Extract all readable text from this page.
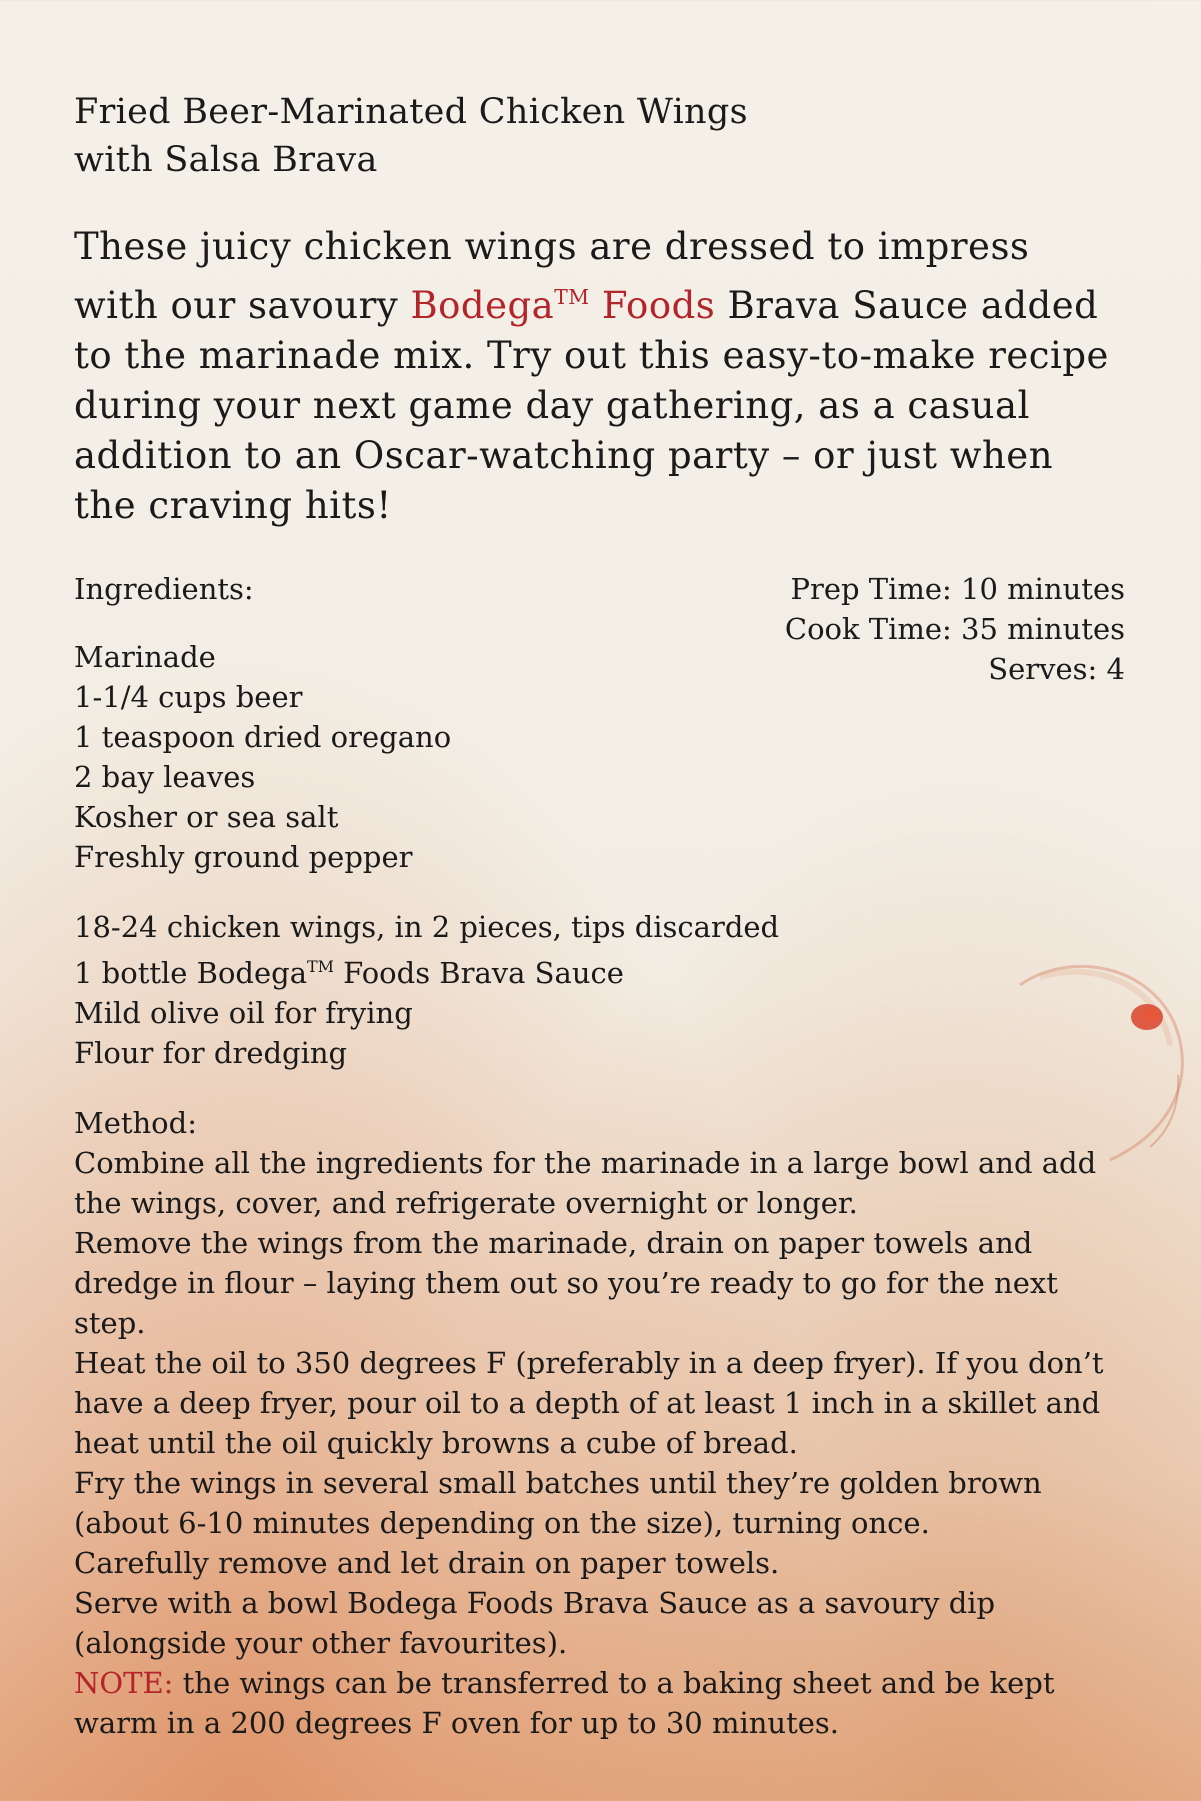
Fried Beer-Marinated Chicken Wings
with Salsa Brava

These juicy chicken wings are dressed to impress with our savoury Bodega™ Foods Brava Sauce added to the marinade mix. Try out this easy-to-make recipe during your next game day gathering, as a casual addition to an Oscar-watching party – or just when the craving hits!

Ingredients:	Prep Time: 10 minutes
Cook Time: 35 minutes
Serves: 4
Marinade
1-1/4 cups beer
1 teaspoon dried oregano
2 bay leaves
Kosher or sea salt
Freshly ground pepper
18-24 chicken wings, in 2 pieces, tips discarded
1 bottle Bodega™ Foods Brava Sauce
Mild olive oil for frying
Flour for dredging

Method:

Combine all the ingredients for the marinade in a large bowl and add the wings, cover, and refrigerate overnight or longer.

Remove the wings from the marinade, drain on paper towels and dredge in flour – laying them out so you’re ready to go for the next step.

Heat the oil to 350 degrees F (preferably in a deep fryer). If you don’t have a deep fryer, pour oil to a depth of at least 1 inch in a skillet and heat until the oil quickly browns a cube of bread.

Fry the wings in several small batches until they’re golden brown (about 6-10 minutes depending on the size), turning once.

Carefully remove and let drain on paper towels.

Serve with a bowl Bodega Foods Brava Sauce as a savoury dip (alongside your other favourites).

NOTE: the wings can be transferred to a baking sheet and be kept warm in a 200 degrees F oven for up to 30 minutes.
